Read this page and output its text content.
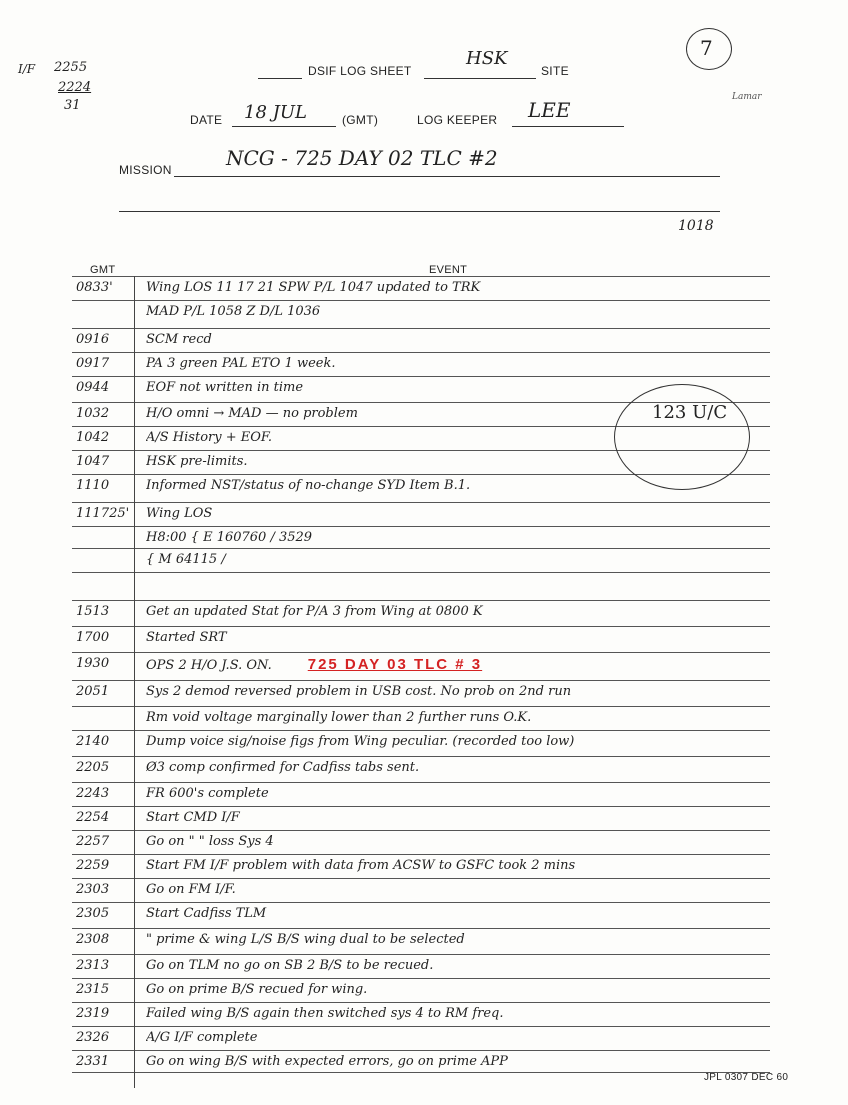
I/F 2255
2224
31
7
Lamar
DSIF LOG SHEET
HSK
SITE
DATE 18 JUL	(GMT)	LOG KEEPER LEE
MISSION	NCG - 725 DAY 02 TLC #2
1018
GMT	EVENT
0833'	Wing LOS 11 17 21 SPW P/L 1047 updated to TRK
MAD P/L 1058 Z D/L 1036
0916	SCM recd
0917	PA 3 green PAL ETO 1 week.
0944	EOF not written in time
1032	H/O omni → MAD — no problem
1042	A/S History + EOF.
1047	HSK pre-limits.
1110	Informed NST/status of no-change SYD Item B.1.
111725'	Wing LOS
H8:00 { E 160760 / 3529
{ M 64115 /
1513	Get an updated Stat for P/A 3 from Wing at 0800 K
1700	Started SRT
1930	OPS 2 H/O J.S. ON. 725 DAY 03 TLC # 3
2051	Sys 2 demod reversed problem in USB cost. No prob on 2nd run
Rm void voltage marginally lower than 2 further runs O.K.
2140	Dump voice sig/noise figs from Wing peculiar. (recorded too low)
2205	Ø3 comp confirmed for Cadfiss tabs sent.
2243	FR 600's complete
2254	Start CMD I/F
2257	Go on " " loss Sys 4
2259	Start FM I/F problem with data from ACSW to GSFC took 2 mins
2303	Go on FM I/F.
2305	Start Cadfiss TLM
2308	" prime & wing L/S B/S wing dual to be selected
2313	Go on TLM no go on SB 2 B/S to be recued.
2315	Go on prime B/S recued for wing.
2319	Failed wing B/S again then switched sys 4 to RM freq.
2326	A/G I/F complete
2331	Go on wing B/S with expected errors, go on prime APP
123 U/C
JPL 0307 DEC 60
